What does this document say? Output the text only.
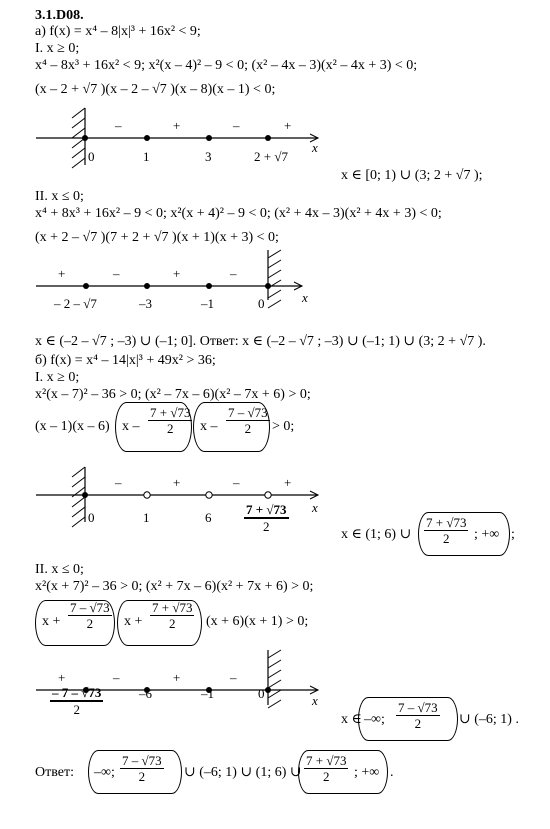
3.1.D08.
а) f(x) = x⁴ – 8|x|³ + 16x² < 9;
I. x ≥ 0;
x⁴ – 8x³ + 16x² < 9; x²(x – 4)² – 9 < 0; (x² – 4x – 3)(x² – 4x + 3) < 0;
(x – 2 + √7 )(x – 2 – √7 )(x – 8)(x – 1) < 0;
x
–	+	–	+
0	1	3	2 + √7
x ∈ [0; 1) ∪ (3; 2 + √7 );
II. x ≤ 0;
x⁴ + 8x³ + 16x² – 9 < 0; x²(x + 4)² – 9 < 0; (x² + 4x – 3)(x² + 4x + 3) < 0;
(x + 2 – √7 )(7 + 2 + √7 )(x + 1)(x + 3) < 0;
x
+	–	+	–
– 2 – √7	–3	–1	0
x ∈ (–2 – √7 ; –3) ∪ (–1; 0]. Ответ: x ∈ (–2 – √7 ; –3) ∪ (–1; 1) ∪ (3; 2 + √7 ).
б) f(x) = x⁴ – 14|x|³ + 49x² > 36;
I. x ≥ 0;
x²(x – 7)² – 36 > 0; (x² – 7x – 6)(x² – 7x + 6) > 0;
(x – 1)(x – 6) x – $\frac{7 + √73}{2}$ $x - \frac{7 - √73}{2} > 0$;
x
–	+	–	+
0	1	6
7 + √73
2
x ∈ (1; 6) ∪
7 + √73
2	; +∞ ;
II. x ≤ 0;
x²(x + 7)² – 36 > 0; (x² + 7x – 6)(x² + 7x + 6) > 0;
x +
7 – √73
2	x +
7 + √73
2	(x + 6)(x + 1) > 0;
x
+	–	+	–
–6	–1	0
– 7 – √73
2
x ∈ –∞;
7 – √73
2	∪ (–6; 1) .
Ответ: –∞;
7 – √73
2	∪ (–6; 1) ∪ (1; 6) ∪
7 + √73
2	; +∞ .
